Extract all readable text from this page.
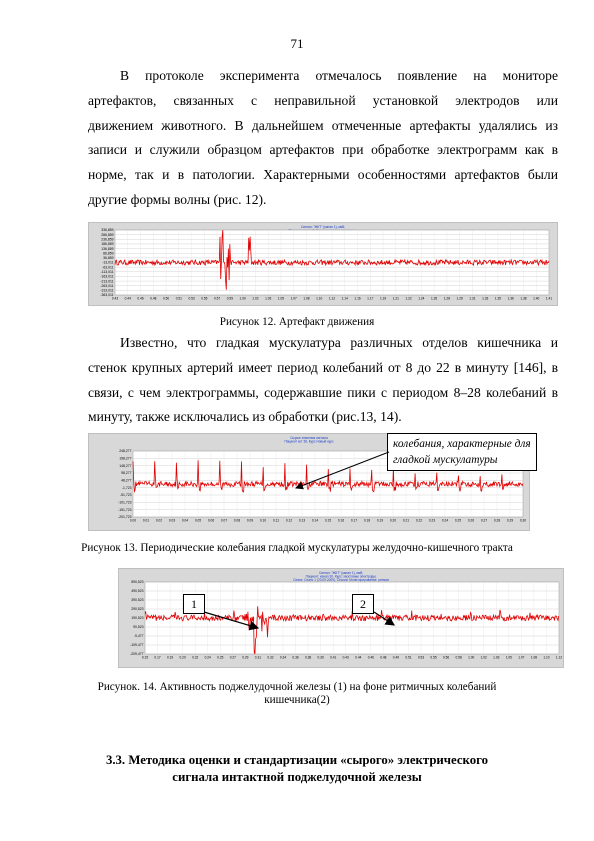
71
В протоколе эксперимента отмечалось появление на мониторе
артефактов, связанных с неправильной установкой электродов или
движением животного. В дальнейшем отмеченные артефакты удалялись из
записи и служили образцом артефактов при обработке электрограмм как в
норме, так и в патологии. Характерными особенностями артефактов были
другие формы волны (рис. 12).
Сигнал: "ЖКТ" (канал 1), мкВ;
336,859
286,859
236,859
186,859
136,859
86,859
36,859
-13,011
-63,011
-113,011
-163,011
-213,011
-263,011
-313,011
-363,011
0.43 0.44 0.46 0.48 0.50 0.51 0.53 0.55 0.57 0.59 1.00 1.02 1.03 1.05 1.07 1.08 1.10 1.12 1.14 1.16 1.17 1.19 1.21 1.22 1.24 1.26 1.28 1.29 1.31 1.33 1.35 1.36 1.38 1.40 1.41
Рисунок 12. Артефакт движения
Известно, что гладкая мускулатура различных отделов кишечника и
стенок крупных артерий имеет период колебаний от 8 до 22 в минуту [146], в
связи, с чем электрограммы, содержавшие пики с периодом 8–28 колебаний в
минуту, также исключались из обработки (рис.13, 14).
Сырые значения сигнала
Пациент кот 36, Курс Новый курс
248,277
198,277
148,277
98,277
48,277
-1,723
-51,723
-101,723
-151,723
-201,723
0.00 0.01 0.02 0.03 0.04 0.05 0.06 0.07 0.08 0.09 0.10 0.11 0.12 0.13 0.14 0.15 0.16 0.17 0.18 0.19 0.20 0.21 0.22 0.23 0.24 0.25 0.26 0.27 0.28 0.29 0.30
колебания, характерные для гладкой мускулатуры
Рисунок 13. Периодические колебания гладкой мускулатуры желудочно-кишечного тракта
Сигнал: "ЖКТ" (канал 1), мкВ;
Пациент: канал 30, Курс: хвостовые электроды;
Сеанс: Сеанс 1 (23.09.2009), Сессия: Мониторирование: ритмов
590,523
490,523
390,523
290,523
190,523
90,523
-9,477
-109,477
-209,477
0.15 0.17 0.19 0.20 0.22 0.24 0.25 0.27 0.29 0.31 0.32 0.34 0.36 0.38 0.39 0.41 0.43 0.44 0.46 0.48 0.49 0.51 0.53 0.55 0.56 0.58 1.00 1.02 1.03 1.05 1.07 1.08 1.10 1.12
1	2
Рисунок. 14. Активность поджелудочной железы (1) на фоне ритмичных колебаний
кишечника(2)
3.3. Методика оценки и стандартизации «сырого» электрического
сигнала интактной поджелудочной железы
